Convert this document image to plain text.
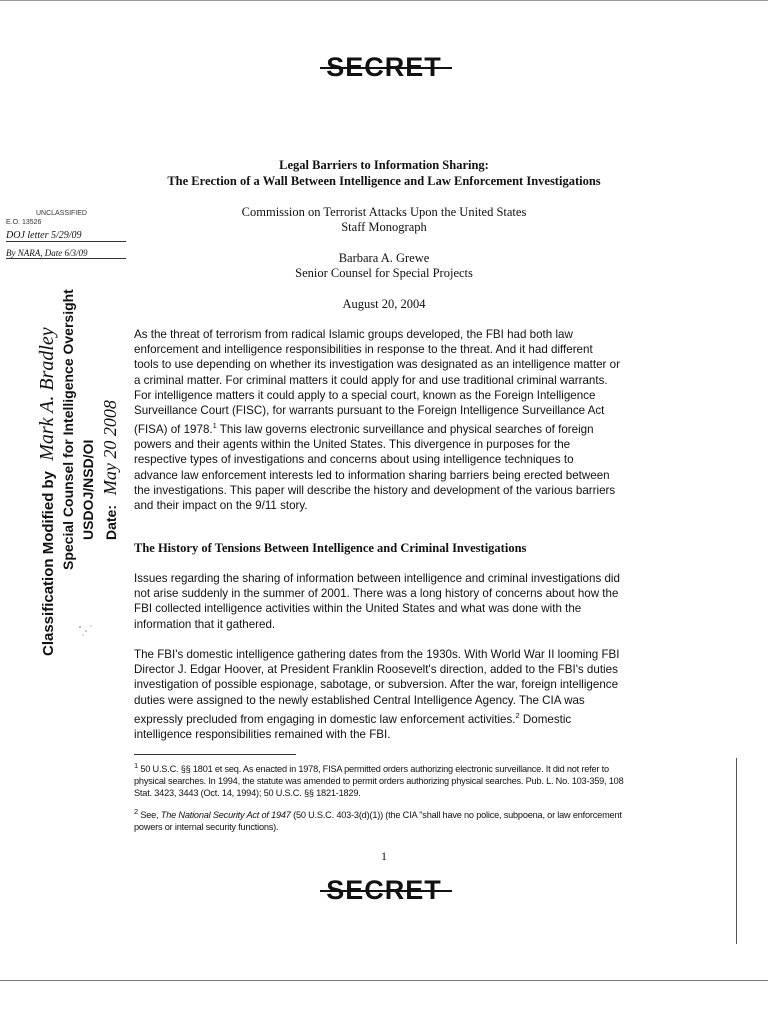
SECRET
Legal Barriers to Information Sharing:
The Erection of a Wall Between Intelligence and Law Enforcement Investigations
Commission on Terrorist Attacks Upon the United States
Staff Monograph
Barbara A. Grewe
Senior Counsel for Special Projects
August 20, 2004
UNCLASSIFIED
E.O. 13526
DOJ letter 5/29/09
By NARA, Date 6/3/09
Classification Modified by Mark A. Bradley Special Counsel for Intelligence Oversight USDOJ/NSD/OI Date: May 20 2008
As the threat of terrorism from radical Islamic groups developed, the FBI had both law enforcement and intelligence responsibilities in response to the threat. And it had different tools to use depending on whether its investigation was designated as an intelligence matter or a criminal matter. For criminal matters it could apply for and use traditional criminal warrants. For intelligence matters it could apply to a special court, known as the Foreign Intelligence Surveillance Court (FISC), for warrants pursuant to the Foreign Intelligence Surveillance Act (FISA) of 1978.$^1$ This law governs electronic surveillance and physical searches of foreign powers and their agents within the United States. This divergence in purposes for the respective types of investigations and concerns about using intelligence techniques to advance law enforcement interests led to information sharing barriers being erected between the investigations. This paper will describe the history and development of the various barriers and their impact on the 9/11 story.
The History of Tensions Between Intelligence and Criminal Investigations
Issues regarding the sharing of information between intelligence and criminal investigations did not arise suddenly in the summer of 2001. There was a long history of concerns about how the FBI collected intelligence activities within the United States and what was done with the information that it gathered.
The FBI's domestic intelligence gathering dates from the 1930s. With World War II looming FBI Director J. Edgar Hoover, at President Franklin Roosevelt's direction, added to the FBI's duties investigation of possible espionage, sabotage, or subversion. After the war, foreign intelligence duties were assigned to the newly established Central Intelligence Agency. The CIA was expressly precluded from engaging in domestic law enforcement activities.$^2$ Domestic intelligence responsibilities remained with the FBI.
$^1$ 50 U.S.C. §§ 1801 et seq. As enacted in 1978, FISA permitted orders authorizing electronic surveillance. It did not refer to physical searches. In 1994, the statute was amended to permit orders authorizing physical searches. Pub. L. No. 103-359, 108 Stat. 3423, 3443 (Oct. 14, 1994); 50 U.S.C. §§ 1821-1829.
$^2$ See, The National Security Act of 1947 (50 U.S.C. 403-3(d)(1)) (the CIA "shall have no police, subpoena, or law enforcement powers or internal security functions).
1
SECRET
